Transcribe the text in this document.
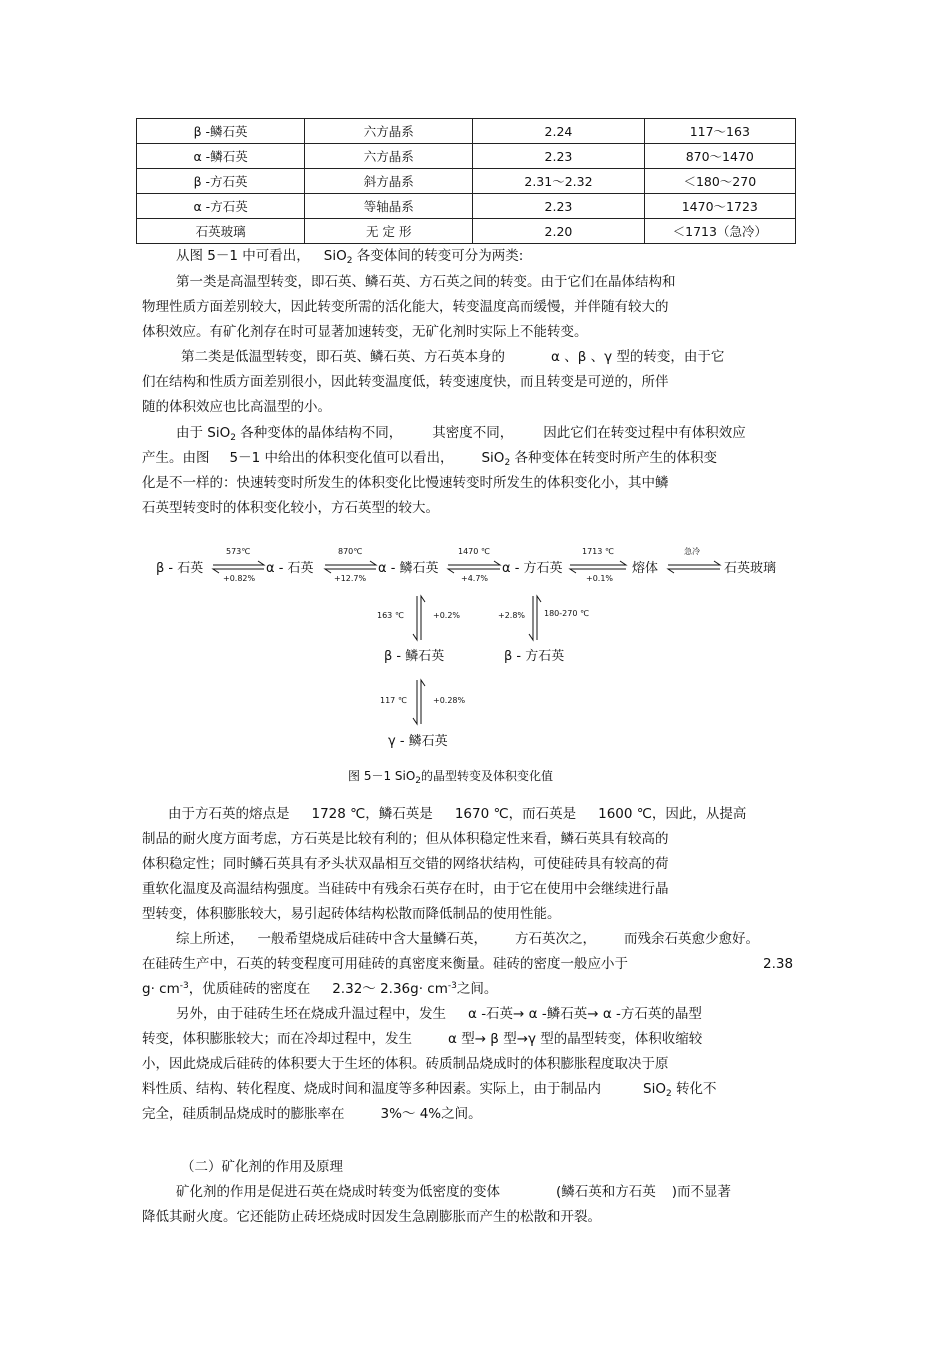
β -鳞石英	六方晶系	2.24	117～163
α -鳞石英	六方晶系	2.23	870～1470
β -方石英	斜方晶系	2.31～2.32	＜180～270
α -方石英	等轴晶系	2.23	1470～1723
石英玻璃	无 定 形	2.20	＜1713（急冷）
从图 5－1 中可看出， SiO$_2$ 各变体间的转变可分为两类:
第一类是高温型转变，即石英、鳞石英、方石英之间的转变。由于它们在晶体结构和
物理性质方面差别较大，因此转变所需的活化能大，转变温度高而缓慢，并伴随有较大的
体积效应。有矿化剂存在时可显著加速转变，无矿化剂时实际上不能转变。
第二类是低温型转变，即石英、鳞石英、方石英本身的	α 、β 、γ 型的转变，由于它
们在结构和性质方面差别很小，因此转变温度低，转变速度快，而且转变是可逆的，所伴
随的体积效应也比高温型的小。
由于 SiO$_2$ 各种变体的晶体结构不同， 其密度不同， 因此它们在转变过程中有体积效应
产生。由图 5－1 中给出的体积变化值可以看出， SiO$_2$ 各种变体在转变时所产生的体积变
化是不一样的：快速转变时所发生的体积变化比慢速转变时所发生的体积变化小，其中鳞
石英型转变时的体积变化较小，方石英型的较大。
β - 石英	α - 石英	α - 鳞石英	α - 方石英	熔体	石英玻璃
573℃
+0.82%
870℃
+12.7%
1470 ℃
+4.7%
1713 ℃
+0.1%
急冷
163 ℃	+0.2%
β - 鳞石英
+2.8% 180-270 ℃
β - 方石英
117 ℃	+0.28%
γ - 鳞石英
图 5－1 SiO$_2$的晶型转变及体积变化值
由于方石英的熔点是 1728 ℃，鳞石英是 1670 ℃，而石英是 1600 ℃，因此，从提高
制品的耐火度方面考虑，方石英是比较有利的；但从体积稳定性来看，鳞石英具有较高的
体积稳定性；同时鳞石英具有矛头状双晶相互交错的网络状结构，可使硅砖具有较高的荷
重软化温度及高温结构强度。当硅砖中有残余石英存在时，由于它在使用中会继续进行晶
型转变，体积膨胀较大，易引起砖体结构松散而降低制品的使用性能。
综上所述， 一般希望烧成后硅砖中含大量鳞石英， 方石英次之， 而残余石英愈少愈好。
在硅砖生产中，石英的转变程度可用硅砖的真密度来衡量。硅砖的密度一般应小于	2.38
$g\cdot cm^{-3}$，优质硅砖的密度在 2.32～ $2.36g\cdot cm^{-3}$之间。
另外，由于硅砖生坯在烧成升温过程中，发生 α -石英→ α -鳞石英→ α -方石英的晶型
转变，体积膨胀较大；而在冷却过程中，发生	α 型→ β 型→γ 型的晶型转变，体积收缩较
小，因此烧成后硅砖的体积要大于生坯的体积。砖质制品烧成时的体积膨胀程度取决于原
料性质、结构、转化程度、烧成时间和温度等多种因素。实际上，由于制品内	SiO$_2$ 转化不
完全，硅质制品烧成时的膨胀率在	3%～ 4%之间。
（二）矿化剂的作用及原理
矿化剂的作用是促进石英在烧成时转变为低密度的变体	(鳞石英和方石英 )而不显著
降低其耐火度。它还能防止砖坯烧成时因发生急剧膨胀而产生的松散和开裂。
